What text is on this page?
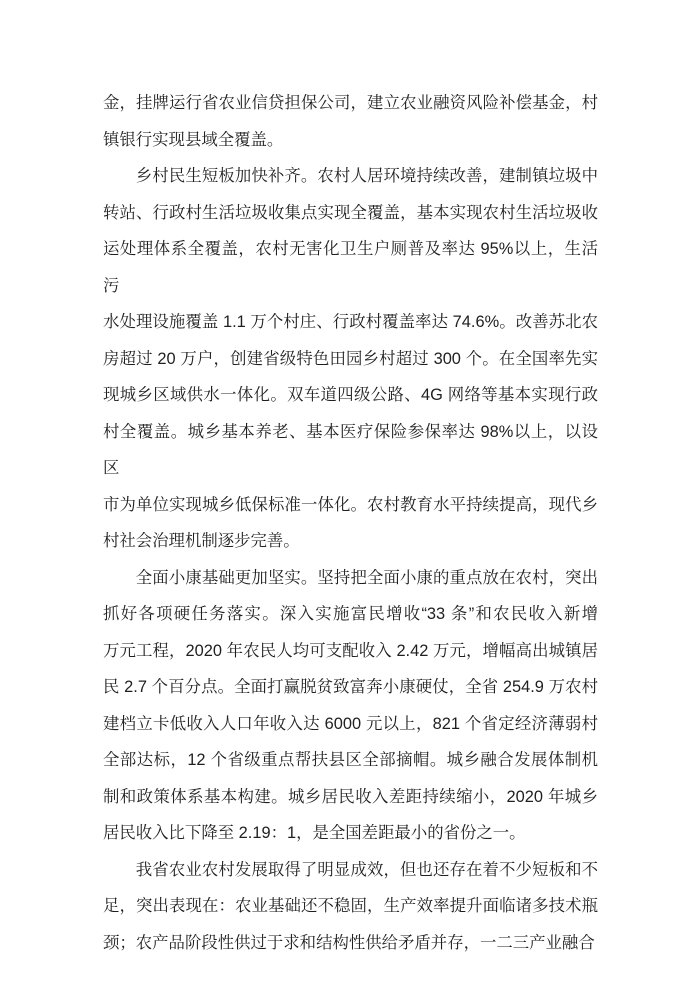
金，挂牌运行省农业信贷担保公司，建立农业融资风险补偿基金，村
镇银行实现县域全覆盖。
乡村民生短板加快补齐。农村人居环境持续改善，建制镇垃圾中
转站、行政村生活垃圾收集点实现全覆盖，基本实现农村生活垃圾收
运处理体系全覆盖，农村无害化卫生户厕普及率达 95%以上，生活污
水处理设施覆盖 1.1 万个村庄、行政村覆盖率达 74.6%。改善苏北农
房超过 20 万户，创建省级特色田园乡村超过 300 个。在全国率先实
现城乡区域供水一体化。双车道四级公路、4G 网络等基本实现行政
村全覆盖。城乡基本养老、基本医疗保险参保率达 98%以上，以设区
市为单位实现城乡低保标准一体化。农村教育水平持续提高，现代乡
村社会治理机制逐步完善。
全面小康基础更加坚实。坚持把全面小康的重点放在农村，突出
抓好各项硬任务落实。深入实施富民增收“33 条”和农民收入新增
万元工程，2020 年农民人均可支配收入 2.42 万元，增幅高出城镇居
民 2.7 个百分点。全面打赢脱贫致富奔小康硬仗，全省 254.9 万农村
建档立卡低收入人口年收入达 6000 元以上，821 个省定经济薄弱村
全部达标，12 个省级重点帮扶县区全部摘帽。城乡融合发展体制机
制和政策体系基本构建。城乡居民收入差距持续缩小，2020 年城乡
居民收入比下降至 2.19：1，是全国差距最小的省份之一。
我省农业农村发展取得了明显成效，但也还存在着不少短板和不
足，突出表现在：农业基础还不稳固，生产效率提升面临诸多技术瓶
颈；农产品阶段性供过于求和结构性供给矛盾并存，一二三产业融合
